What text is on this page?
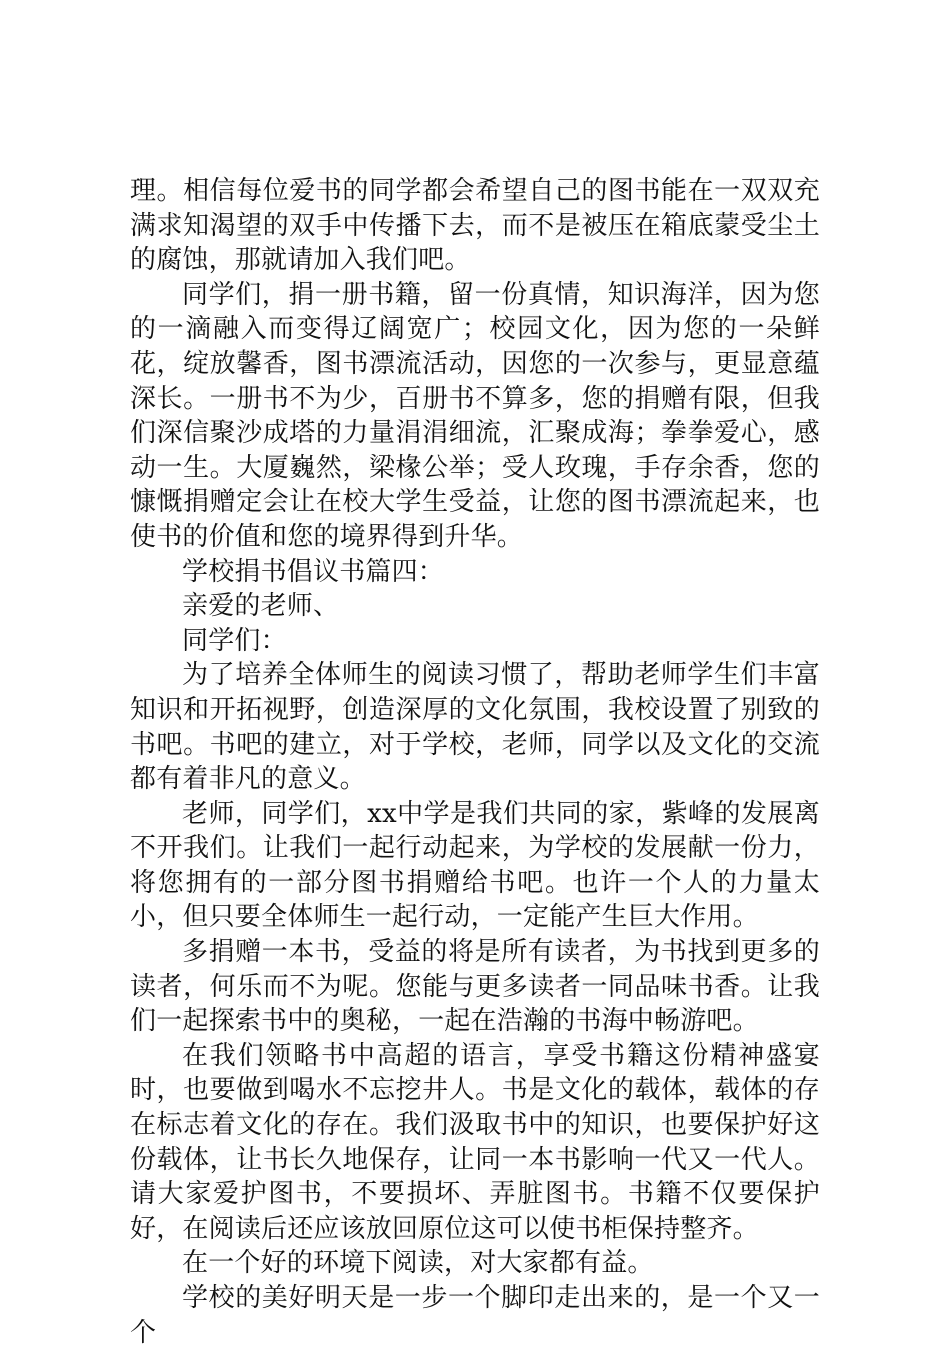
理。相信每位爱书的同学都会希望自己的图书能在一双双充满求知渴望的双手中传播下去，而不是被压在箱底蒙受尘土的腐蚀，那就请加入我们吧。

同学们，捐一册书籍，留一份真情，知识海洋，因为您的一滴融入而变得辽阔宽广；校园文化，因为您的一朵鲜花，绽放馨香，图书漂流活动，因您的一次参与，更显意蕴深长。一册书不为少，百册书不算多，您的捐赠有限，但我们深信聚沙成塔的力量涓涓细流，汇聚成海；拳拳爱心，感动一生。大厦巍然，梁椽公举；受人玫瑰，手存余香，您的慷慨捐赠定会让在校大学生受益，让您的图书漂流起来，也使书的价值和您的境界得到升华。

学校捐书倡议书篇四：

亲爱的老师、

同学们：

为了培养全体师生的阅读习惯了，帮助老师学生们丰富知识和开拓视野，创造深厚的文化氛围，我校设置了别致的书吧。书吧的建立，对于学校，老师，同学以及文化的交流都有着非凡的意义。

老师，同学们，xx中学是我们共同的家，紫峰的发展离不开我们。让我们一起行动起来，为学校的发展献一份力，将您拥有的一部分图书捐赠给书吧。也许一个人的力量太小，但只要全体师生一起行动，一定能产生巨大作用。

多捐赠一本书，受益的将是所有读者，为书找到更多的读者，何乐而不为呢。您能与更多读者一同品味书香。让我们一起探索书中的奥秘，一起在浩瀚的书海中畅游吧。

在我们领略书中高超的语言，享受书籍这份精神盛宴时，也要做到喝水不忘挖井人。书是文化的载体，载体的存在标志着文化的存在。我们汲取书中的知识，也要保护好这份载体，让书长久地保存，让同一本书影响一代又一代人。请大家爱护图书，不要损坏、弄脏图书。书籍不仅要保护好，在阅读后还应该放回原位这可以使书柜保持整齐。

在一个好的环境下阅读，对大家都有益。

学校的美好明天是一步一个脚印走出来的，是一个又一个
